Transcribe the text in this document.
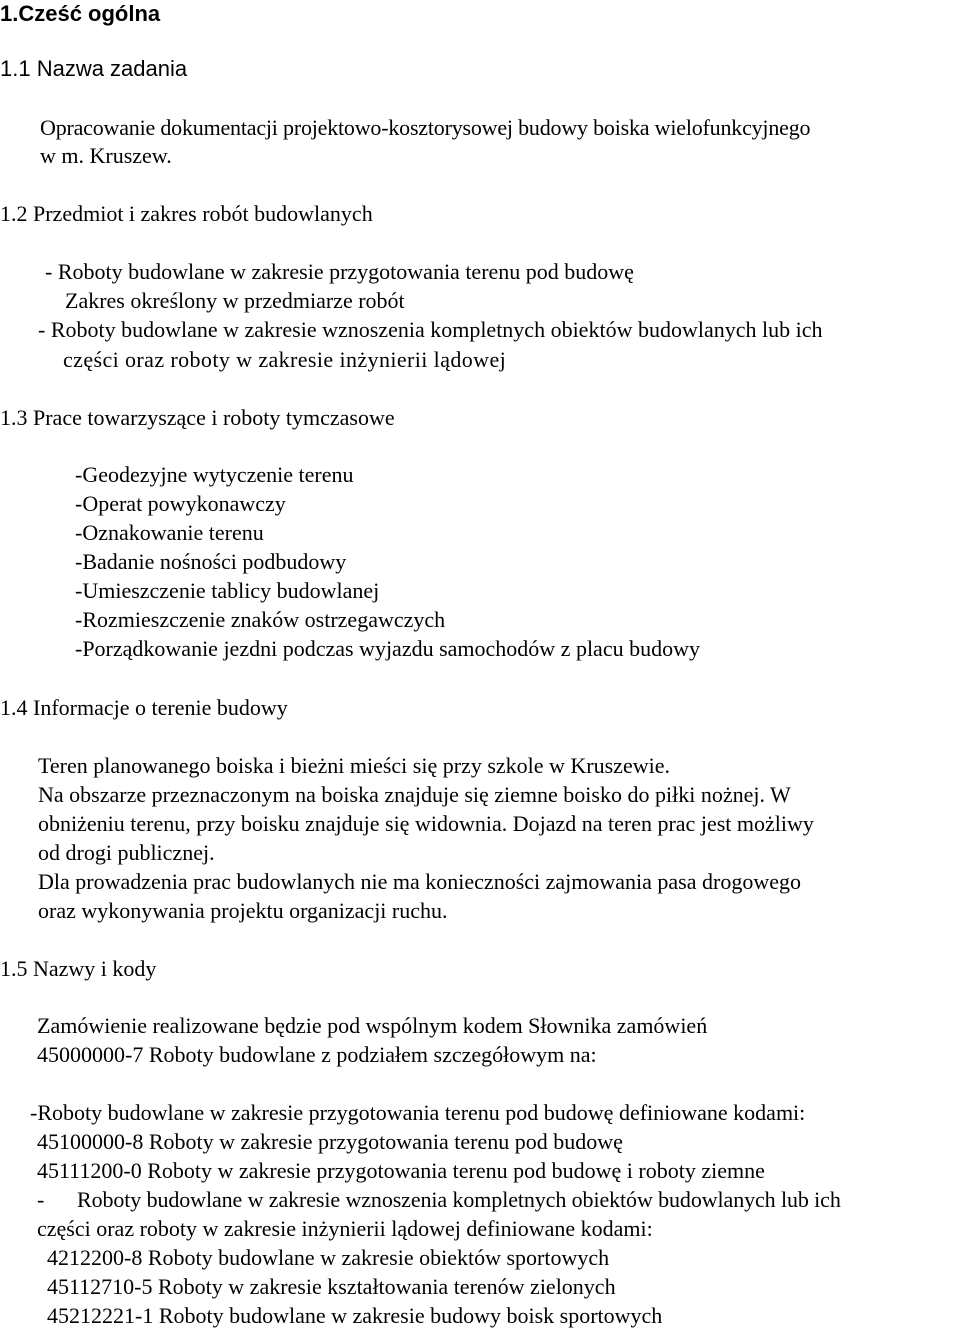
1.Cześć ogólna
1.1 Nazwa zadania
Opracowanie dokumentacji projektowo-kosztorysowej budowy boiska wielofunkcyjnego
w m. Kruszew.
1.2 Przedmiot i zakres robót budowlanych
- Roboty budowlane w zakresie przygotowania terenu pod budowę
Zakres określony w przedmiarze robót
- Roboty budowlane w zakresie wznoszenia kompletnych obiektów budowlanych lub ich
części oraz roboty w zakresie inżynierii lądowej
1.3 Prace towarzyszące i roboty tymczasowe
-Geodezyjne wytyczenie terenu
-Operat powykonawczy
-Oznakowanie terenu
-Badanie nośności podbudowy
-Umieszczenie tablicy budowlanej
-Rozmieszczenie znaków ostrzegawczych
-Porządkowanie jezdni podczas wyjazdu samochodów z placu budowy
1.4 Informacje o terenie budowy
Teren planowanego boiska i bieżni mieści się przy szkole w Kruszewie.
Na obszarze przeznaczonym na boiska znajduje się ziemne boisko do piłki nożnej. W
obniżeniu terenu, przy boisku znajduje się widownia. Dojazd na teren prac jest możliwy
od drogi publicznej.
Dla prowadzenia prac budowlanych nie ma konieczności zajmowania pasa drogowego
oraz wykonywania projektu organizacji ruchu.
1.5 Nazwy i kody
Zamówienie realizowane będzie pod wspólnym kodem Słownika zamówień
45000000-7 Roboty budowlane z podziałem szczegółowym na:
-Roboty budowlane w zakresie przygotowania terenu pod budowę definiowane kodami:
45100000-8 Roboty w zakresie przygotowania terenu pod budowę
45111200-0 Roboty w zakresie przygotowania terenu pod budowę i roboty ziemne
- Roboty budowlane w zakresie wznoszenia kompletnych obiektów budowlanych lub ich
części oraz roboty w zakresie inżynierii lądowej definiowane kodami:
4212200-8 Roboty budowlane w zakresie obiektów sportowych
45112710-5 Roboty w zakresie kształtowania terenów zielonych
45212221-1 Roboty budowlane w zakresie budowy boisk sportowych
